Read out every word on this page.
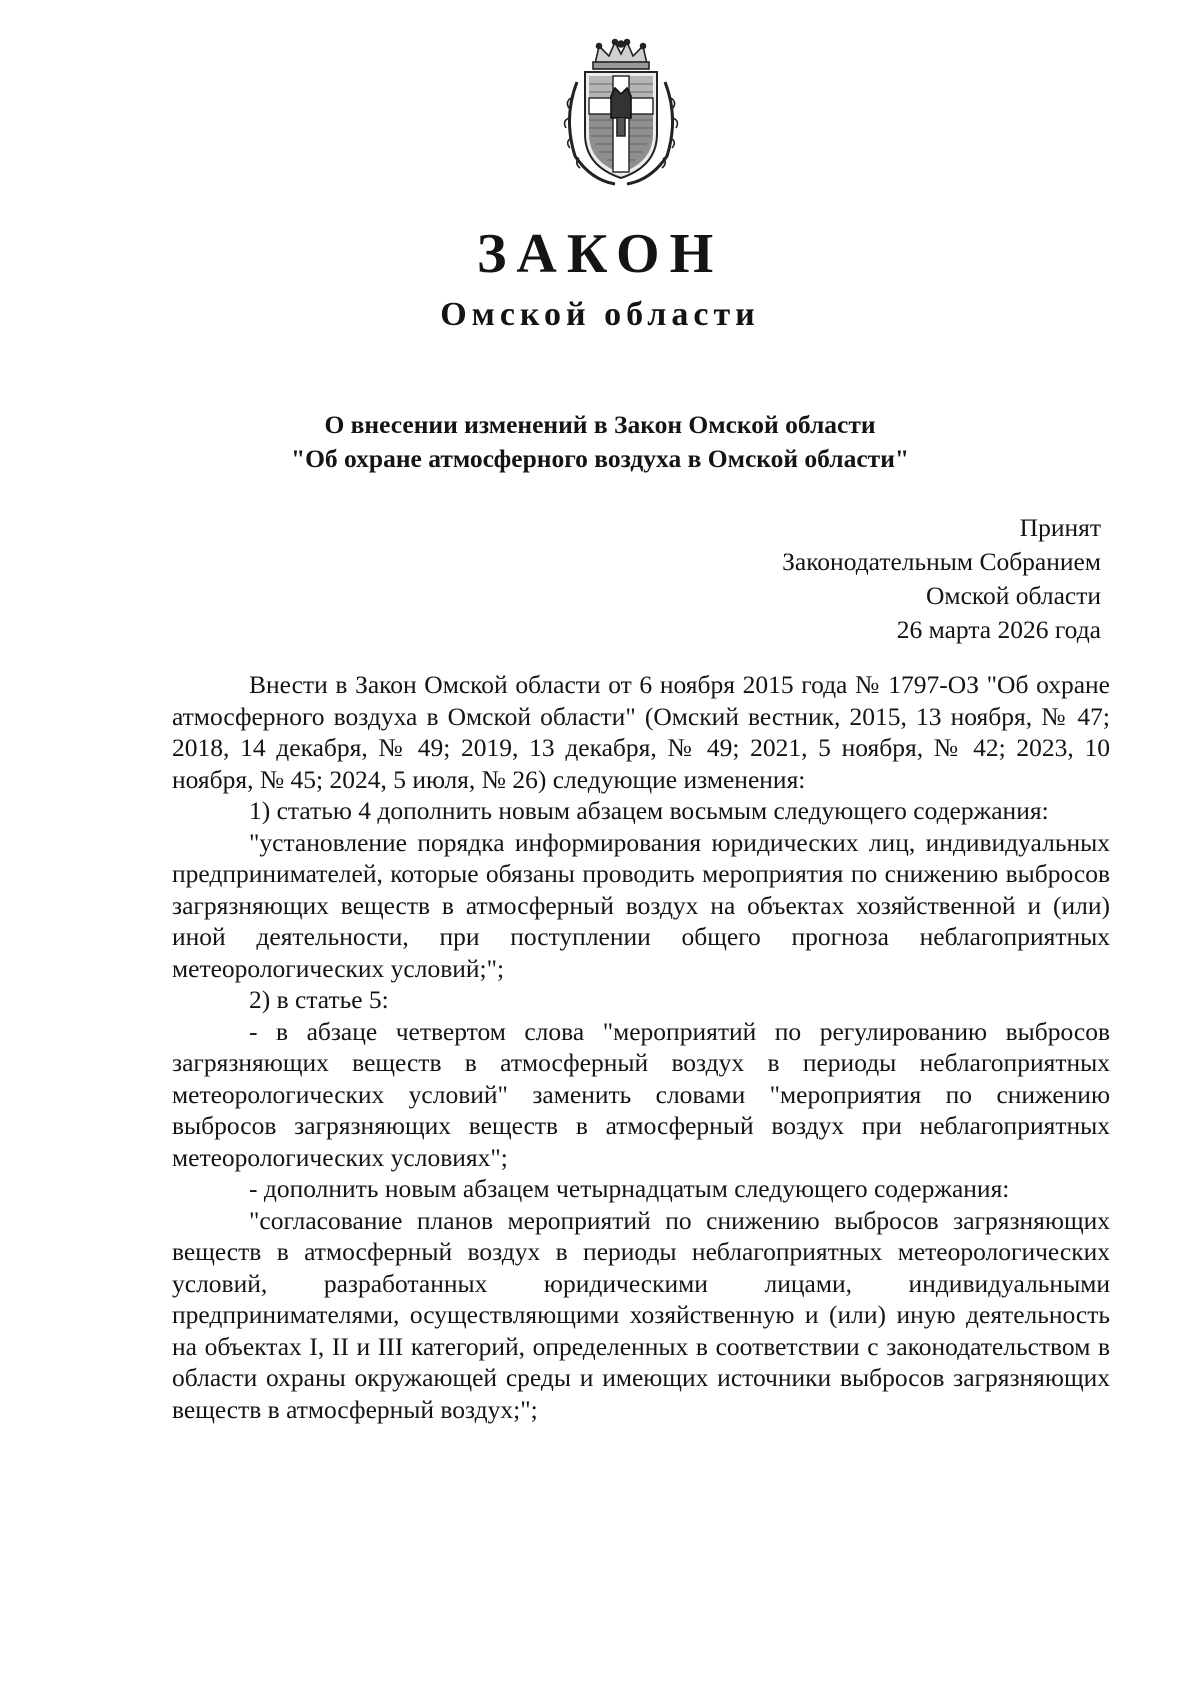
ЗАКОН
Омской области
О внесении изменений в Закон Омской области
"Об охране атмосферного воздуха в Омской области"
Принят
Законодательным Собранием
Омской области
26 марта 2026 года

Внести в Закон Омской области от 6 ноября 2015 года № 1797-ОЗ "Об охране атмосферного воздуха в Омской области" (Омский вестник, 2015, 13 ноября, № 47; 2018, 14 декабря, № 49; 2019, 13 декабря, № 49; 2021, 5 ноября, № 42; 2023, 10 ноября, № 45; 2024, 5 июля, № 26) следующие изменения:

1) статью 4 дополнить новым абзацем восьмым следующего содержания:

"установление порядка информирования юридических лиц, индивидуальных предпринимателей, которые обязаны проводить мероприятия по снижению выбросов загрязняющих веществ в атмосферный воздух на объектах хозяйственной и (или) иной деятельности, при поступлении общего прогноза неблагоприятных метеорологических условий;";

2) в статье 5:

- в абзаце четвертом слова "мероприятий по регулированию выбросов загрязняющих веществ в атмосферный воздух в периоды неблагоприятных метеорологических условий" заменить словами "мероприятия по снижению выбросов загрязняющих веществ в атмосферный воздух при неблагоприятных метеорологических условиях";

- дополнить новым абзацем четырнадцатым следующего содержания:

"согласование планов мероприятий по снижению выбросов загрязняющих веществ в атмосферный воздух в периоды неблагоприятных метеорологических условий, разработанных юридическими лицами, индивидуальными предпринимателями, осуществляющими хозяйственную и (или) иную деятельность на объектах I, II и III категорий, определенных в соответствии с законодательством в области охраны окружающей среды и имеющих источники выбросов загрязняющих веществ в атмосферный воздух;";
